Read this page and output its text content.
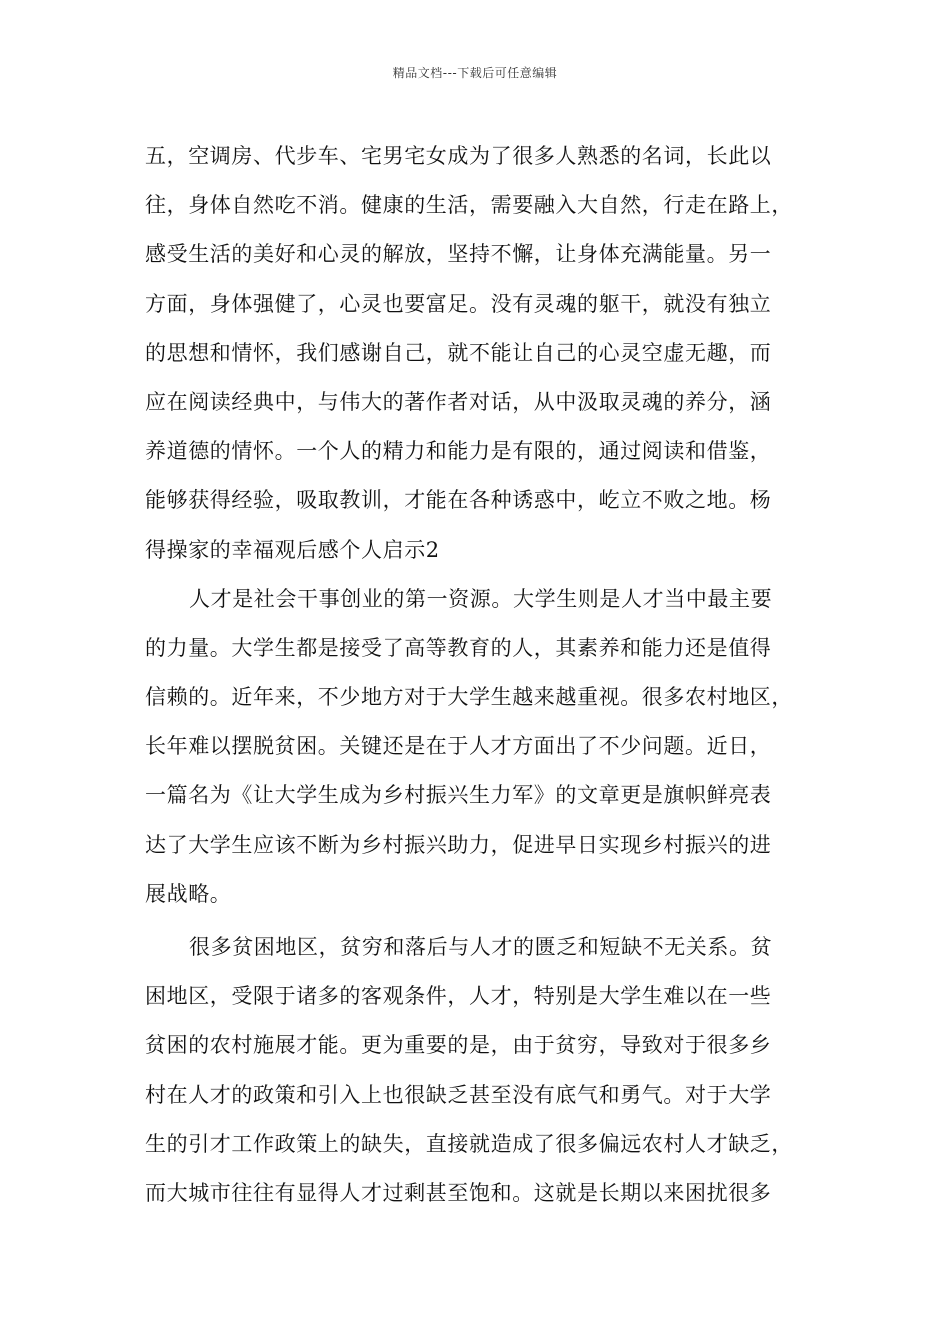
精品文档---下载后可任意编辑
五，空调房、代步车、宅男宅女成为了很多人熟悉的名词，长此以
往，身体自然吃不消。健康的生活，需要融入大自然，行走在路上，
感受生活的美好和心灵的解放，坚持不懈，让身体充满能量。另一
方面，身体强健了，心灵也要富足。没有灵魂的躯干，就没有独立
的思想和情怀，我们感谢自己，就不能让自己的心灵空虚无趣，而
应在阅读经典中，与伟大的著作者对话，从中汲取灵魂的养分，涵
养道德的情怀。一个人的精力和能力是有限的，通过阅读和借鉴，
能够获得经验，吸取教训，才能在各种诱惑中，屹立不败之地。杨
得操家的幸福观后感个人启示2
人才是社会干事创业的第一资源。大学生则是人才当中最主要
的力量。大学生都是接受了高等教育的人，其素养和能力还是值得
信赖的。近年来，不少地方对于大学生越来越重视。很多农村地区，
长年难以摆脱贫困。关键还是在于人才方面出了不少问题。近日，
一篇名为《让大学生成为乡村振兴生力军》的文章更是旗帜鲜亮表
达了大学生应该不断为乡村振兴助力，促进早日实现乡村振兴的进
展战略。
很多贫困地区，贫穷和落后与人才的匮乏和短缺不无关系。贫
困地区，受限于诸多的客观条件，人才，特别是大学生难以在一些
贫困的农村施展才能。更为重要的是，由于贫穷，导致对于很多乡
村在人才的政策和引入上也很缺乏甚至没有底气和勇气。对于大学
生的引才工作政策上的缺失，直接就造成了很多偏远农村人才缺乏，
而大城市往往有显得人才过剩甚至饱和。这就是长期以来困扰很多
